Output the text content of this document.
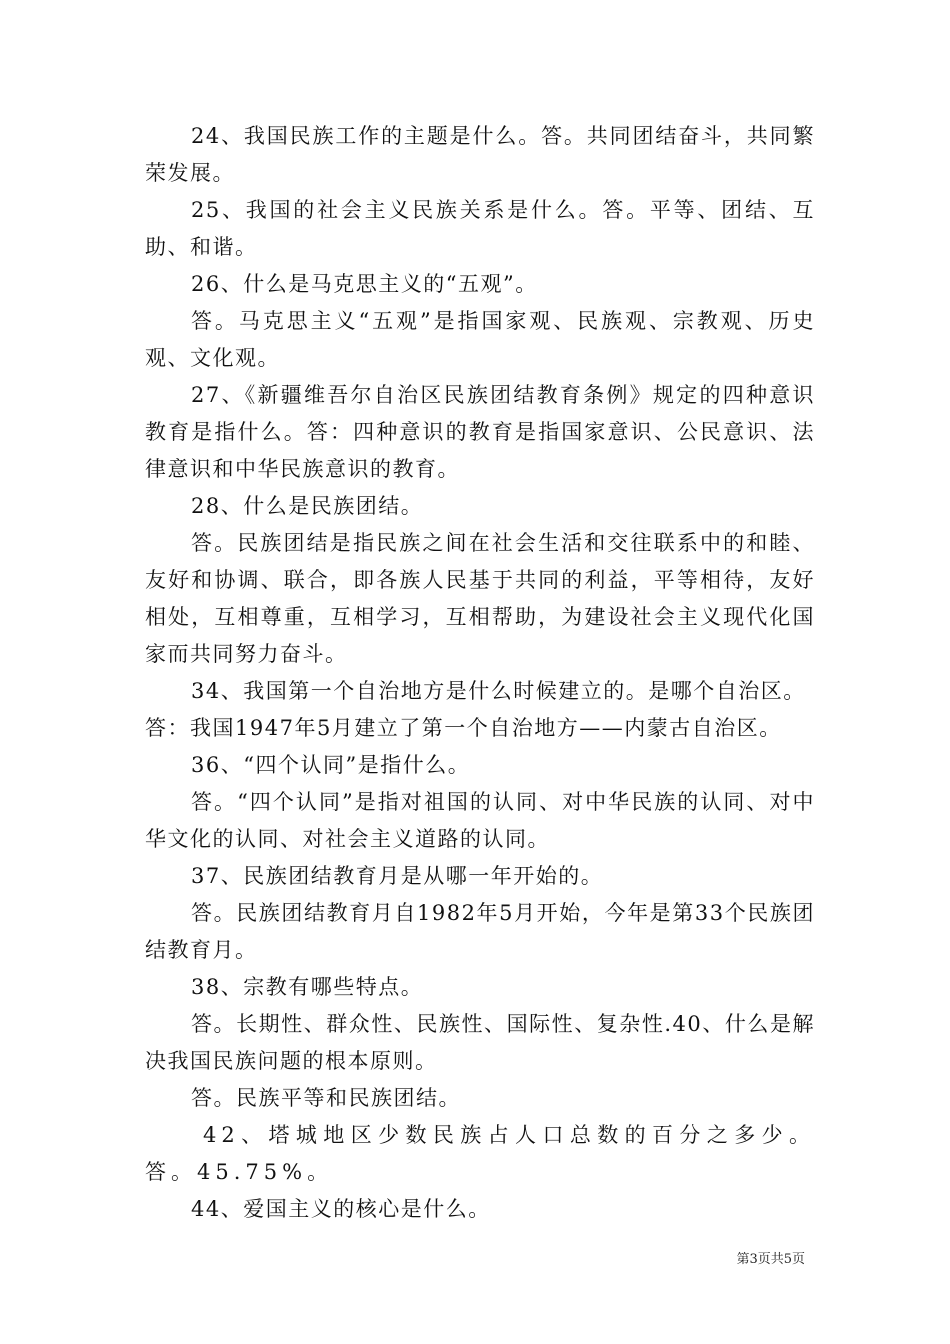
24、我国民族工作的主题是什么。答。共同团结奋斗，共同繁荣发展。

25、我国的社会主义民族关系是什么。答。平等、团结、互助、和谐。

26、什么是马克思主义的“五观”。

答。马克思主义“五观”是指国家观、民族观、宗教观、历史观、文化观。

27、《新疆维吾尔自治区民族团结教育条例》规定的四种意识教育是指什么。答：四种意识的教育是指国家意识、公民意识、法律意识和中华民族意识的教育。

28、什么是民族团结。

答。民族团结是指民族之间在社会生活和交往联系中的和睦、友好和协调、联合，即各族人民基于共同的利益，平等相待，友好相处，互相尊重，互相学习，互相帮助，为建设社会主义现代化国家而共同努力奋斗。

34、我国第一个自治地方是什么时候建立的。是哪个自治区。

答：我国1947年5月建立了第一个自治地方——内蒙古自治区。

36、“四个认同”是指什么。

答。“四个认同”是指对祖国的认同、对中华民族的认同、对中华文化的认同、对社会主义道路的认同。

37、民族团结教育月是从哪一年开始的。

答。民族团结教育月自1982年5月开始，今年是第33个民族团结教育月。

38、宗教有哪些特点。

答。长期性、群众性、民族性、国际性、复杂性.40、什么是解决我国民族问题的根本原则。

答。民族平等和民族团结。

42、塔城地区少数民族占人口总数的百分之多少。答。45.75%。

44、爱国主义的核心是什么。

第3页共5页
